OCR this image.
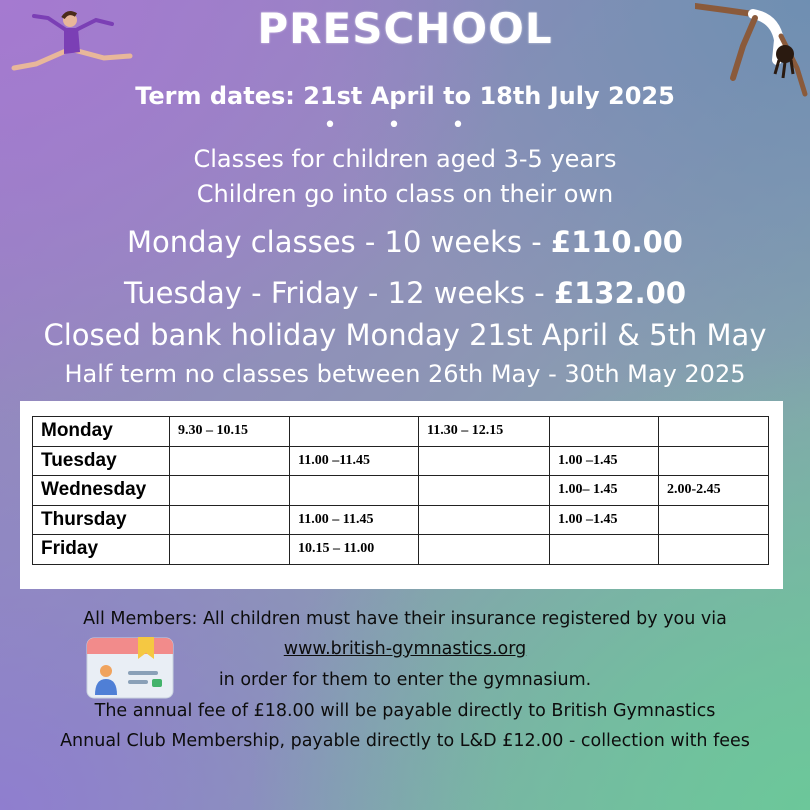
PRESCHOOL
Term dates: 21st April to 18th July 2025
• • •
Classes for children aged 3-5 years
Children go into class on their own
Monday classes - 10 weeks - £110.00
Tuesday - Friday - 12 weeks - £132.00
Closed bank holiday Monday 21st April & 5th May
Half term no classes between 26th May - 30th May 2025
Monday	9.30 – 10.15		11.30 – 12.15		
Tuesday		11.00 –11.45		1.00 –1.45	
Wednesday				1.00– 1.45	2.00-2.45
Thursday		11.00 – 11.45		1.00 –1.45	
Friday		10.15 – 11.00			
All Members: All children must have their insurance registered by you via
www.british-gymnastics.org
in order for them to enter the gymnasium.
The annual fee of £18.00 will be payable directly to British Gymnastics
Annual Club Membership, payable directly to L&D £12.00 - collection with fees
